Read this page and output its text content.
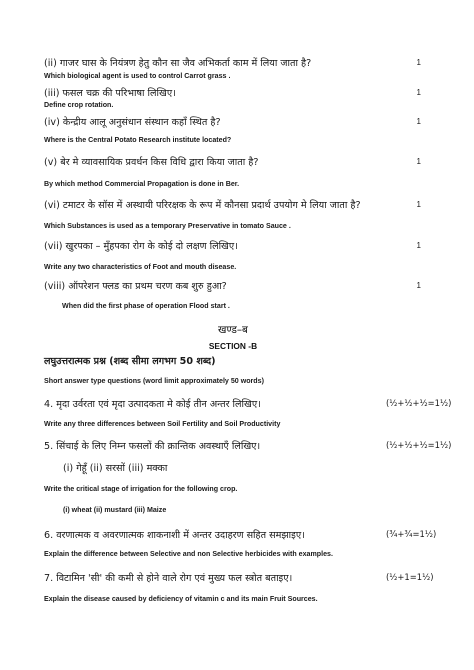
(ii) गाजर घास के नियंत्रण हेतु कौन सा जैव अभिकर्ता काम में लिया जाता है?	1
Which biological agent is used to control Carrot grass .
(iii) फसल चक्र की परिभाषा लिखिए।	1
Define crop rotation.
(iv) केन्द्रीय आलू अनुसंधान संस्थान कहाँ स्थित है?	1
Where is the Central Potato Research institute located?
(v) बेर मे व्यावसायिक प्रवर्धन किस विधि द्वारा किया जाता है?	1
By which method Commercial Propagation is done in Ber.
(vi) टमाटर के सॉस में अस्थायी परिरक्षक के रूप में कौनसा प्रदार्थ उपयोग मे लिया जाता है?	1
Which Substances is used as a temporary Preservative in tomato Sauce .
(vii) खुरपका – मुँहपका रोग के कोई दो लक्षण लिखिए।	1
Write any two characteristics of Foot and mouth disease.
(viii) ऑपरेशन फ्लड का प्रथम चरण कब शुरु हुआ?	1
When did the first phase of operation Flood start .
खण्ड–ब
SECTION -B
लघुउत्तरात्मक प्रश्न (शब्द सीमा लगभग 50 शब्द)
Short answer type questions (word limit approximately 50 words)
4. मृदा उर्वरता एवं मृदा उत्पादकता मे कोई तीन अन्तर लिखिए।	(½+½+½=1½)
Write any three differences between Soil Fertility and Soil Productivity
5. सिंचाई के लिए निम्न फसलों की क्रान्तिक अवस्थाएँ लिखिए।	(½+½+½=1½)
(i) गेहूँ (ii) सरसों (iii) मक्का
Write the critical stage of irrigation for the following crop.
(i) wheat (ii) mustard (iii) Maize
6. वरणात्मक व अवरणात्मक शाकनाशी में अन्तर उदाहरण सहित समझाइए।	(¾+¾=1½)
Explain the difference between Selective and non Selective herbicides with examples.
7. विटामिन 'सी' की कमी से होने वाले रोग एवं मुख्य फल स्त्रोत बताइए।	(½+1=1½)
Explain the disease caused by deficiency of vitamin c and its main Fruit Sources.
